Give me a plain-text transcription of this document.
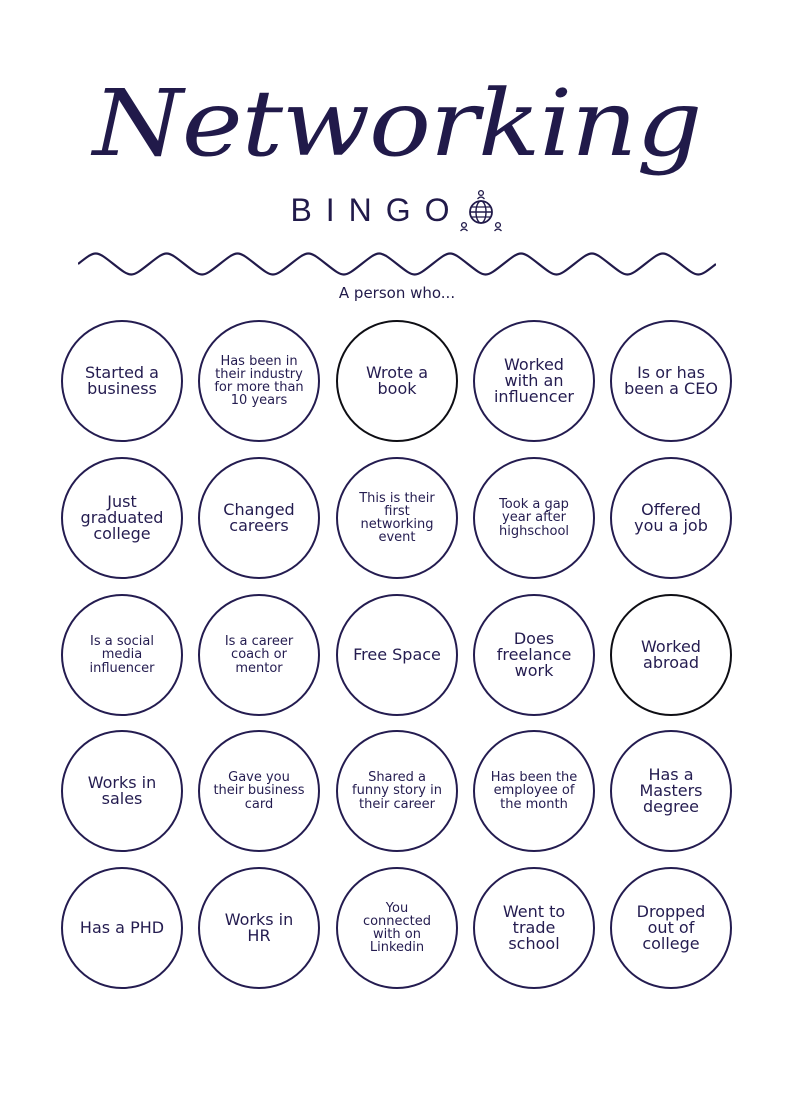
Networking
BINGO
A person who...
Started a business
Has been in their industry for more than 10 years
Wrote a book
Worked with an influencer
Is or has been a CEO
Just graduated college
Changed careers
This is their first networking event
Took a gap year after highschool
Offered you a job
Is a social media influencer
Is a career coach or mentor
Free Space
Does freelance work
Worked abroad
Works in sales
Gave you their business card
Shared a funny story in their career
Has been the employee of the month
Has a Masters degree
Has a PHD	Works in HR
You connected with on Linkedin
Went to trade school
Dropped out of college
